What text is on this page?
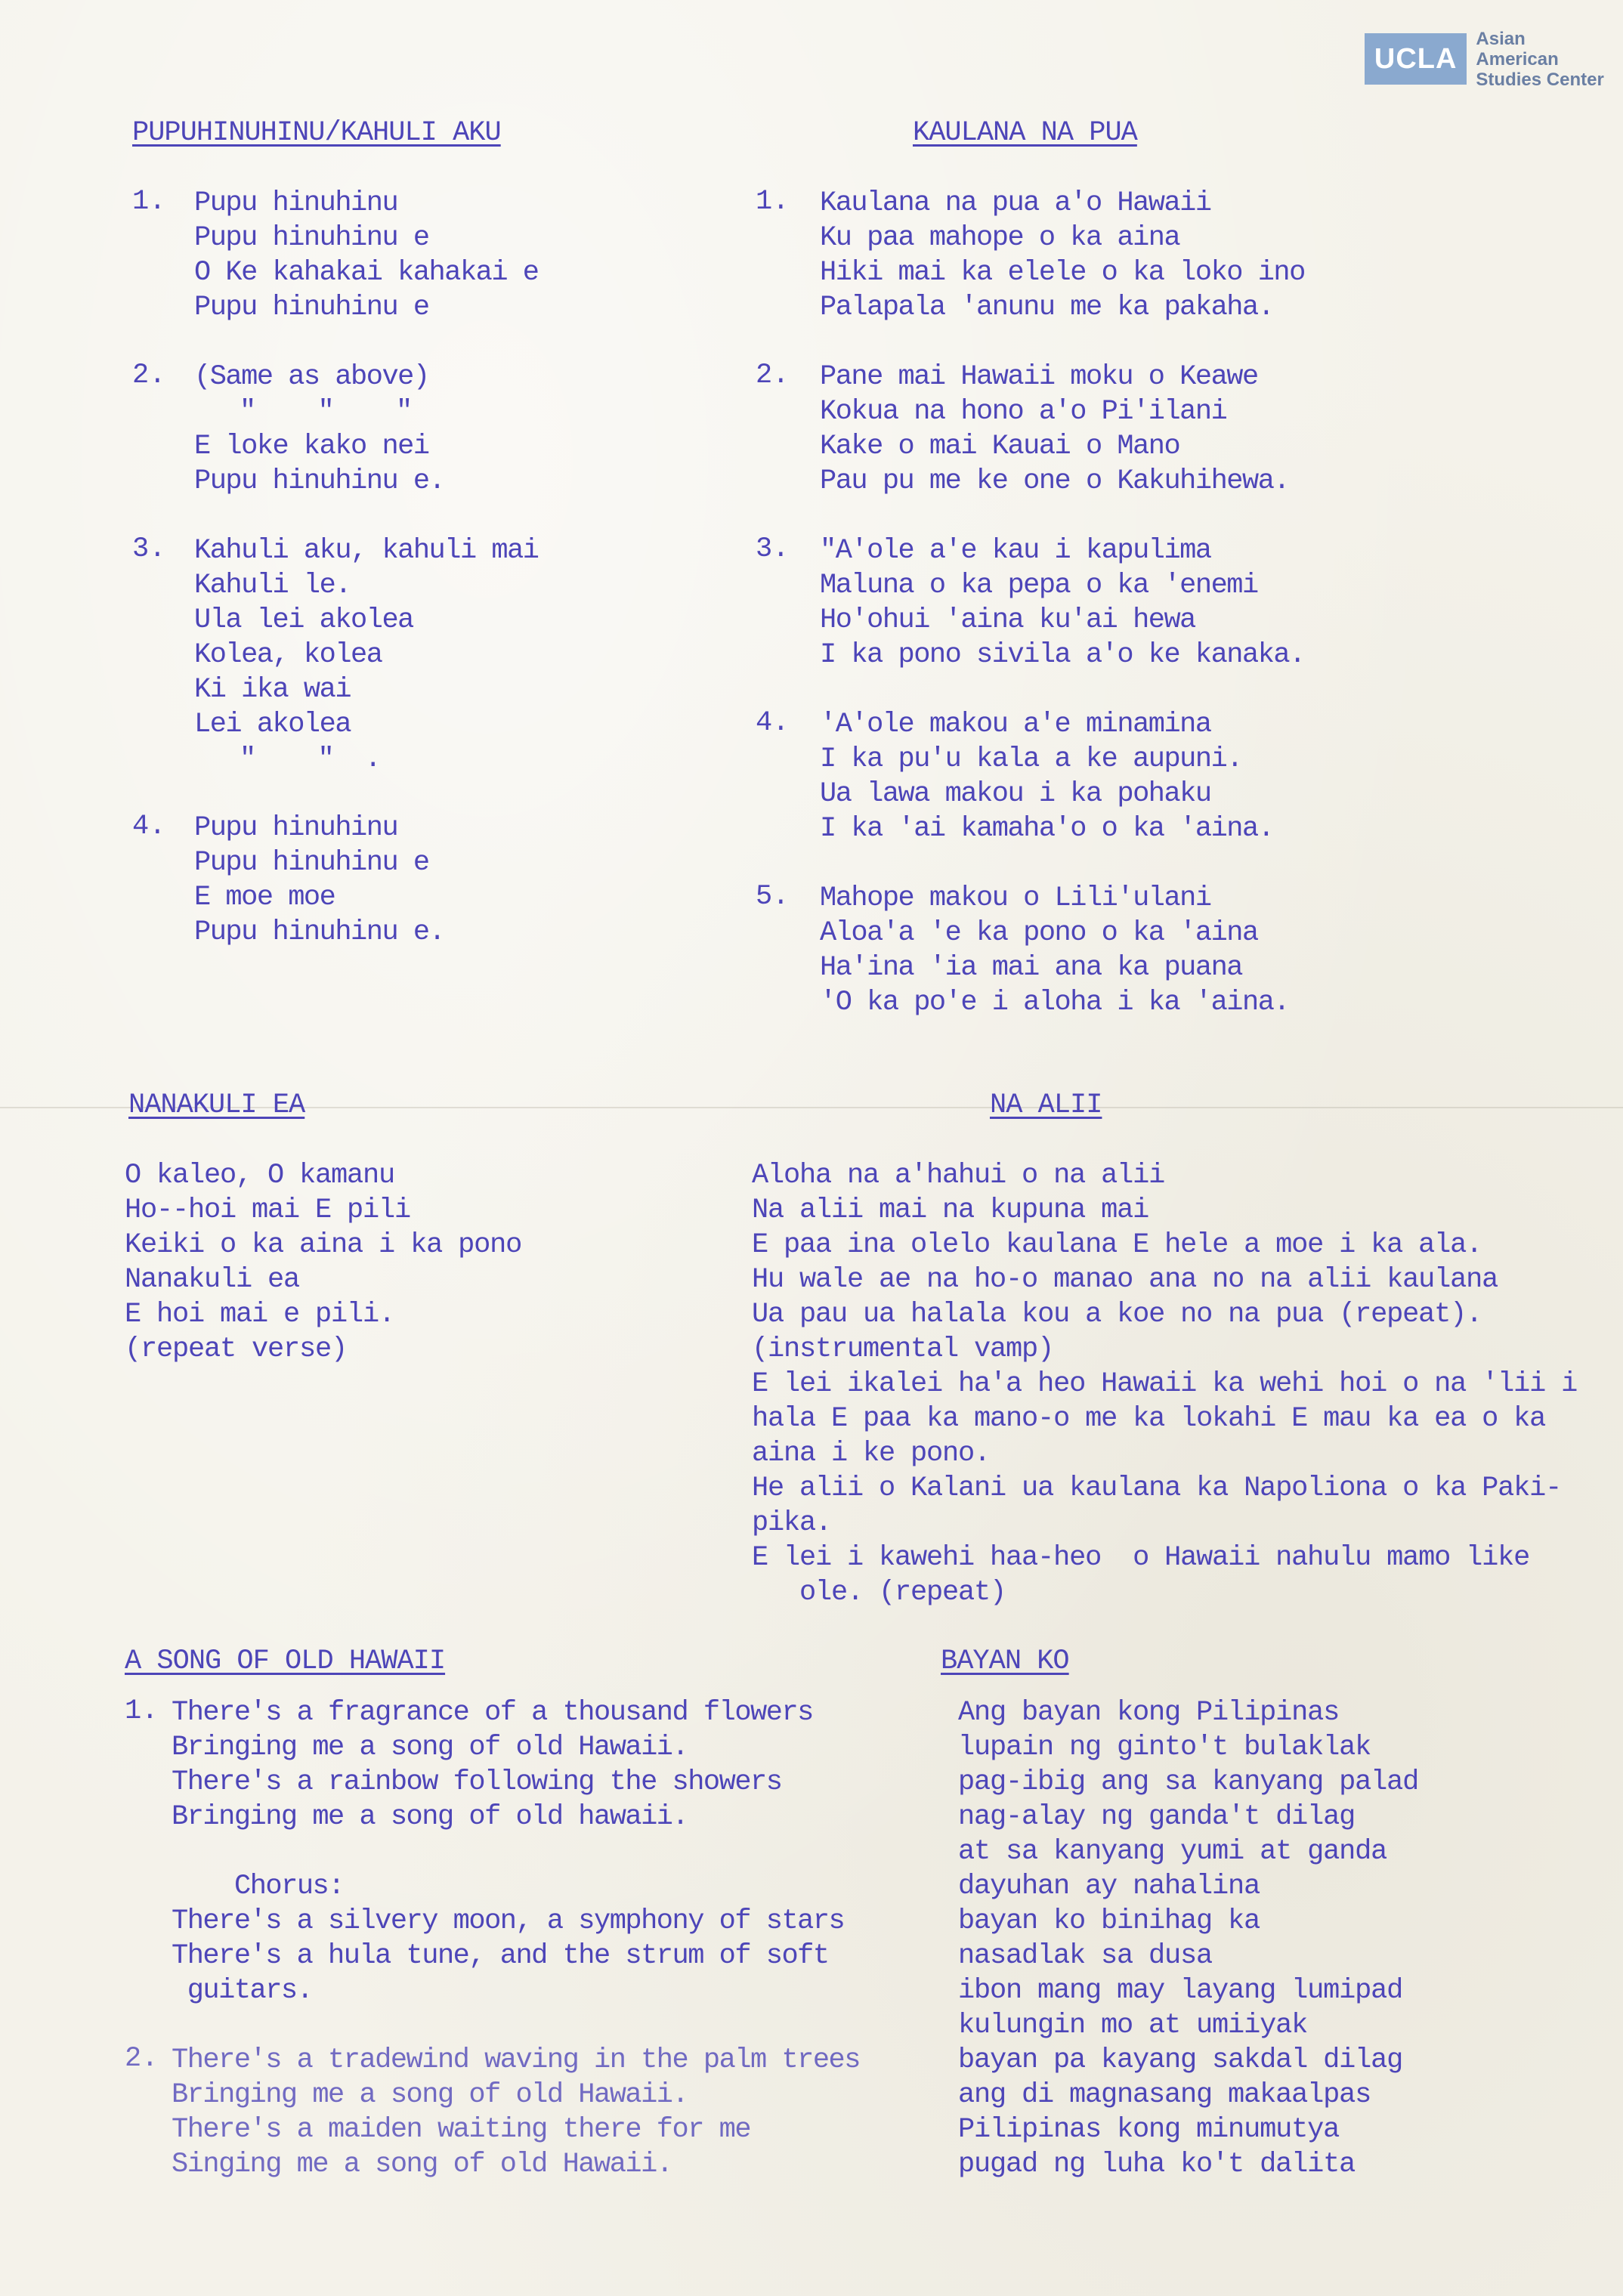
UCLA
Asian American
Studies Center
PUPUHINUHINU/KAHULI AKU
1. Pupu hinuhinu
Pupu hinuhinu e
O Ke kahakai kahakai e
Pupu hinuhinu e
2. (Same as above)
"    "    "
E loke kako nei
Pupu hinuhinu e.
3. Kahuli aku, kahuli mai
Kahuli le.
Ula lei akolea
Kolea, kolea
Ki ika wai
Lei akolea
"    "  .
4. Pupu hinuhinu
Pupu hinuhinu e
E moe moe
Pupu hinuhinu e.
KAULANA NA PUA
1. Kaulana na pua a'o Hawaii
Ku paa mahope o ka aina
Hiki mai ka elele o ka loko ino
Palapala 'anunu me ka pakaha.
2. Pane mai Hawaii moku o Keawe
Kokua na hono a'o Pi'ilani
Kake o mai Kauai o Mano
Pau pu me ke one o Kakuhihewa.
3. "A'ole a'e kau i kapulima
Maluna o ka pepa o ka 'enemi
Ho'ohui 'aina ku'ai hewa
I ka pono sivila a'o ke kanaka.
4. 'A'ole makou a'e minamina
I ka pu'u kala a ke aupuni.
Ua lawa makou i ka pohaku
I ka 'ai kamaha'o o ka 'aina.
5. Mahope makou o Lili'ulani
Aloa'a 'e ka pono o ka 'aina
Ha'ina 'ia mai ana ka puana
'O ka po'e i aloha i ka 'aina.
NANAKULI EA
O kaleo, O kamanu
Ho--hoi mai E pili
Keiki o ka aina i ka pono
Nanakuli ea
E hoi mai e pili.
(repeat verse)
NA ALII
Aloha na a'hahui o na alii
Na alii mai na kupuna mai
E paa ina olelo kaulana E hele a moe i ka ala.
Hu wale ae na ho-o manao ana no na alii kaulana
Ua pau ua halala kou a koe no na pua (repeat).
(instrumental vamp)
E lei ikalei ha'a heo Hawaii ka wehi hoi o na 'lii i
hala E paa ka mano-o me ka lokahi E mau ka ea o ka
aina i ke pono.
He alii o Kalani ua kaulana ka Napoliona o ka Paki-
pika.
E lei i kawehi haa-heo  o Hawaii nahulu mamo like
ole. (repeat)
A SONG OF OLD HAWAII
1. There's a fragrance of a thousand flowers
Bringing me a song of old Hawaii.
There's a rainbow following the showers
Bringing me a song of old hawaii.
Chorus:
There's a silvery moon, a symphony of stars
There's a hula tune, and the strum of soft
guitars.
2. There's a tradewind waving in the palm trees
Bringing me a song of old Hawaii.
There's a maiden waiting there for me
Singing me a song of old Hawaii.
BAYAN KO
Ang bayan kong Pilipinas
lupain ng ginto't bulaklak
pag-ibig ang sa kanyang palad
nag-alay ng ganda't dilag
at sa kanyang yumi at ganda
dayuhan ay nahalina
bayan ko binihag ka
nasadlak sa dusa
ibon mang may layang lumipad
kulungin mo at umiiyak
bayan pa kayang sakdal dilag
ang di magnasang makaalpas
Pilipinas kong minumutya
pugad ng luha ko't dalita
